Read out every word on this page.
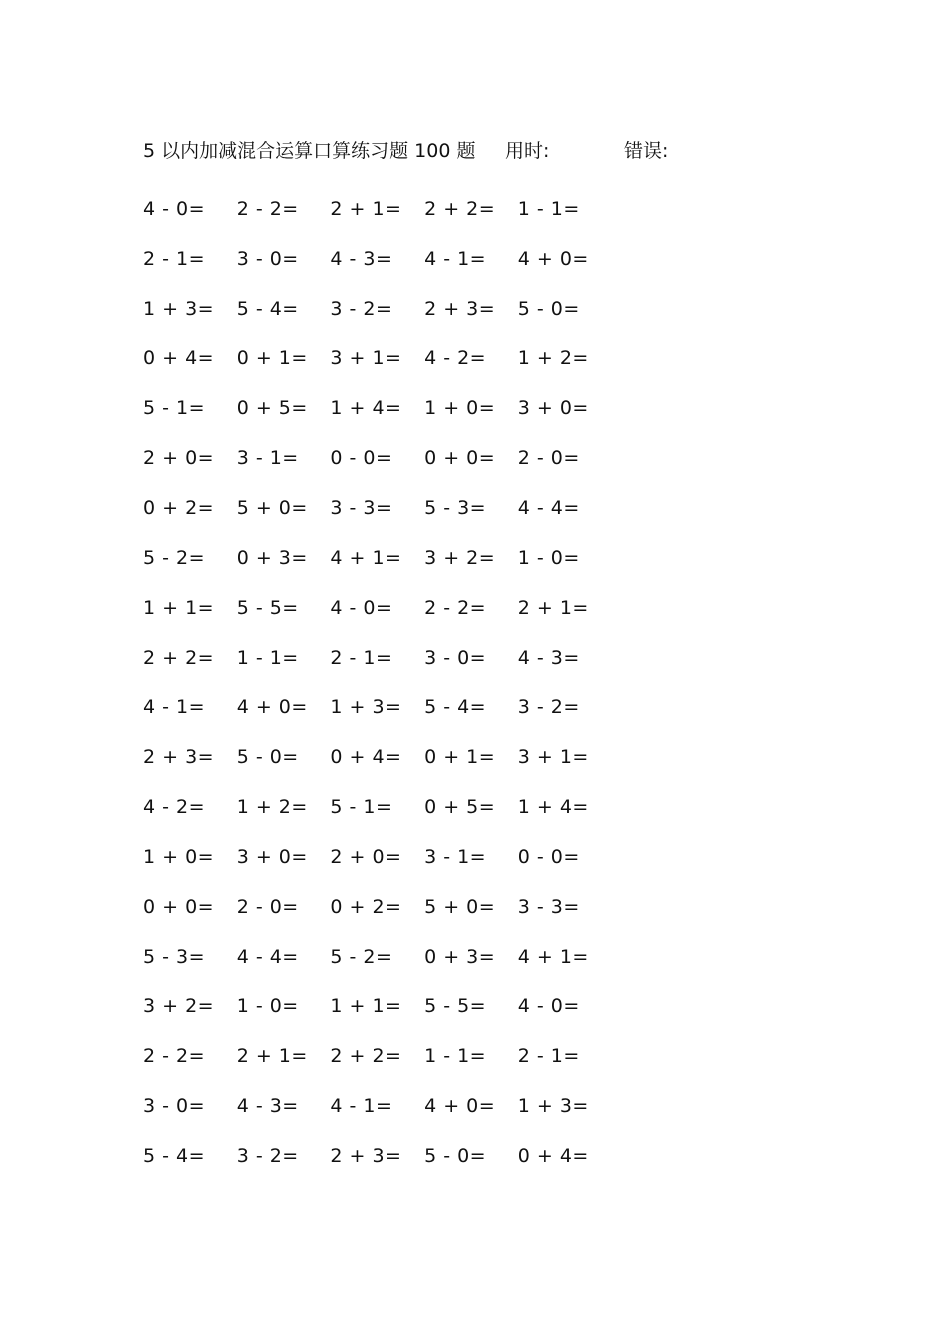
5 以内加减混合运算口算练习题 100 题 用时:	错误:
4 - 0=	2 - 2=	2 + 1=	2 + 2=	1 - 1=
2 - 1=	3 - 0=	4 - 3=	4 - 1=	4 + 0=
1 + 3=	5 - 4=	3 - 2=	2 + 3=	5 - 0=
0 + 4=	0 + 1=	3 + 1=	4 - 2=	1 + 2=
5 - 1=	0 + 5=	1 + 4=	1 + 0=	3 + 0=
2 + 0=	3 - 1=	0 - 0=	0 + 0=	2 - 0=
0 + 2=	5 + 0=	3 - 3=	5 - 3=	4 - 4=
5 - 2=	0 + 3=	4 + 1=	3 + 2=	1 - 0=
1 + 1=	5 - 5=	4 - 0=	2 - 2=	2 + 1=
2 + 2=	1 - 1=	2 - 1=	3 - 0=	4 - 3=
4 - 1=	4 + 0=	1 + 3=	5 - 4=	3 - 2=
2 + 3=	5 - 0=	0 + 4=	0 + 1=	3 + 1=
4 - 2=	1 + 2=	5 - 1=	0 + 5=	1 + 4=
1 + 0=	3 + 0=	2 + 0=	3 - 1=	0 - 0=
0 + 0=	2 - 0=	0 + 2=	5 + 0=	3 - 3=
5 - 3=	4 - 4=	5 - 2=	0 + 3=	4 + 1=
3 + 2=	1 - 0=	1 + 1=	5 - 5=	4 - 0=
2 - 2=	2 + 1=	2 + 2=	1 - 1=	2 - 1=
3 - 0=	4 - 3=	4 - 1=	4 + 0=	1 + 3=
5 - 4=	3 - 2=	2 + 3=	5 - 0=	0 + 4=
